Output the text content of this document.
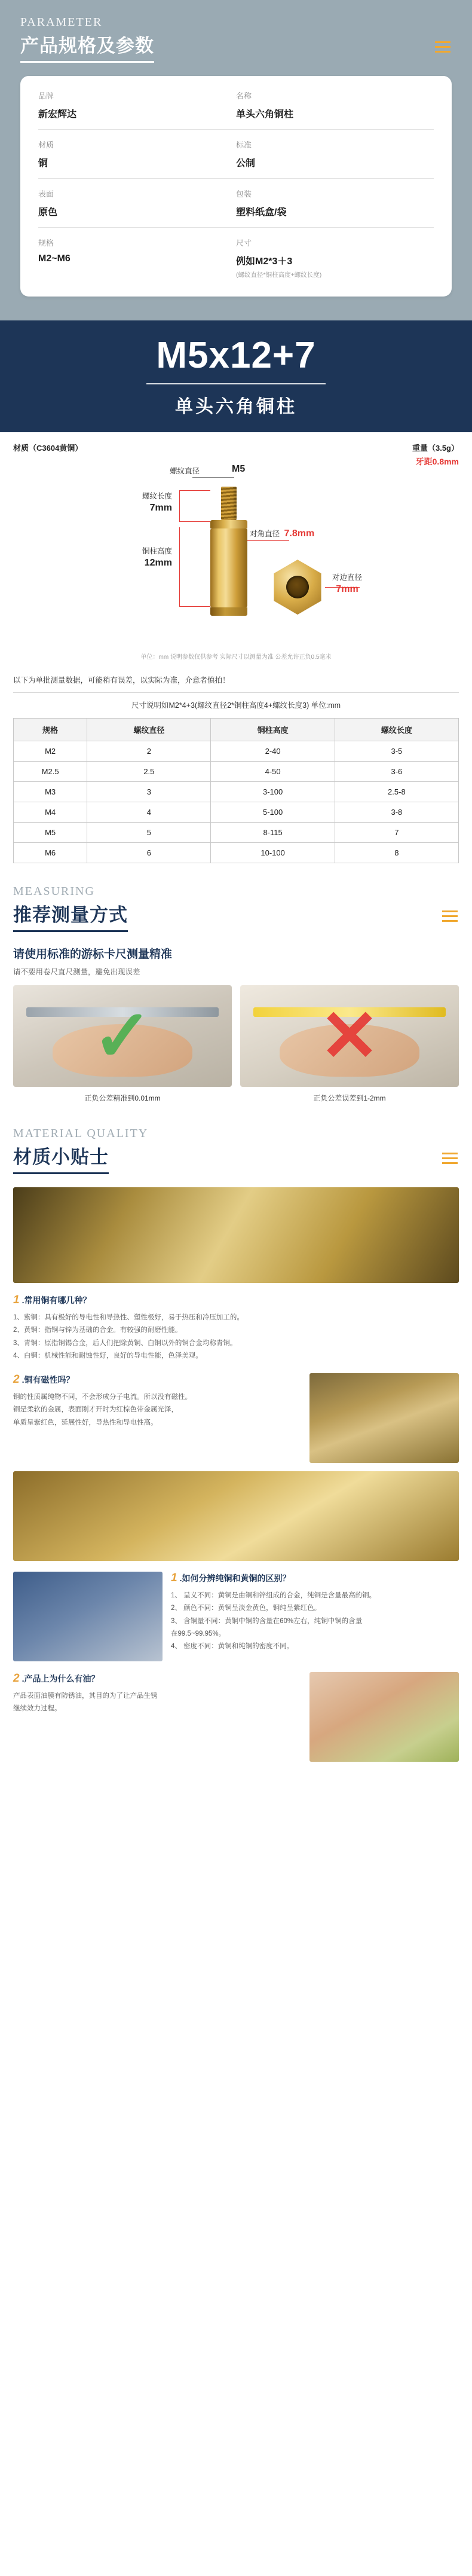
PARAMETER
产品规格及参数
品牌
新宏辉达
名称
单头六角铜柱
材质
铜
标准
公制
表面
原色
包装
塑料纸盒/袋
规格
M2~M6
尺寸
例如M2*3＋3
(螺纹直径*铜柱高度+螺纹长度)
M5x12+7
单头六角铜柱
材质（C3604黄铜）	重量（3.5g）
牙距0.8mm
螺纹直径	M5
螺纹长度
7mm
铜柱高度
12mm
对角直径 7.8mm
对边直径
7mm
单位：mm 说明参数仅供参考 实际尺寸以测量为准 公差允许正负0.5毫米
以下为单批测量数据，可能稍有误差，以实际为准，介意者慎拍！
尺寸说明如M2*4+3(螺纹直径2*铜柱高度4+螺纹长度3) 单位:mm
规格	螺纹直径	铜柱高度	螺纹长度
M2	2	2-40	3-5
M2.5	2.5	4-50	3-6
M3	3	3-100	2.5-8
M4	4	5-100	3-8
M5	5	8-115	7
M6	6	10-100	8
MEASURING
推荐测量方式
请使用标准的游标卡尺测量精准
请不要用卷尺直尺测量，避免出现误差
✓
正负公差精准到0.01mm
✕
正负公差误差到1-2mm
MATERIAL QUALITY
材质小贴士
1 .常用铜有哪几种？
1、紫铜：具有极好的导电性和导热性、塑性极好，易于热压和冷压加工的。
2、黄铜：指铜与锌为基础的合金。有较强的耐磨性能。
3、青铜：原指铜锡合金，后人们把除黄铜、白铜以外的铜合金均称青铜。
4、白铜：机械性能和耐蚀性好，良好的导电性能，色泽美观。
2 .铜有磁性吗？
铜的性质属纯物不同，不会形成分子电流。所以没有磁性。
铜是柔软的金属，表面刚才开时为红棕色带金属光泽，
单质呈紫红色，延展性好，导热性和导电性高。
1 .如何分辨纯铜和黄铜的区别？
1、 呈义不同：黄铜是由铜和锌组成的合金，纯铜是含量最高的铜。
2、 颜色不同：黄铜呈淡金黄色，铜纯呈紫红色。
3、 含铜量不同：黄铜中铜的含量在60%左右，纯铜中铜的含量
在99.5~99.95%。
4、 密度不同：黄铜和纯铜的密度不同。
2 .产品上为什么有油？
产品表面油膜有防锈油，其目的为了让产品生锈
继续效力过程。
